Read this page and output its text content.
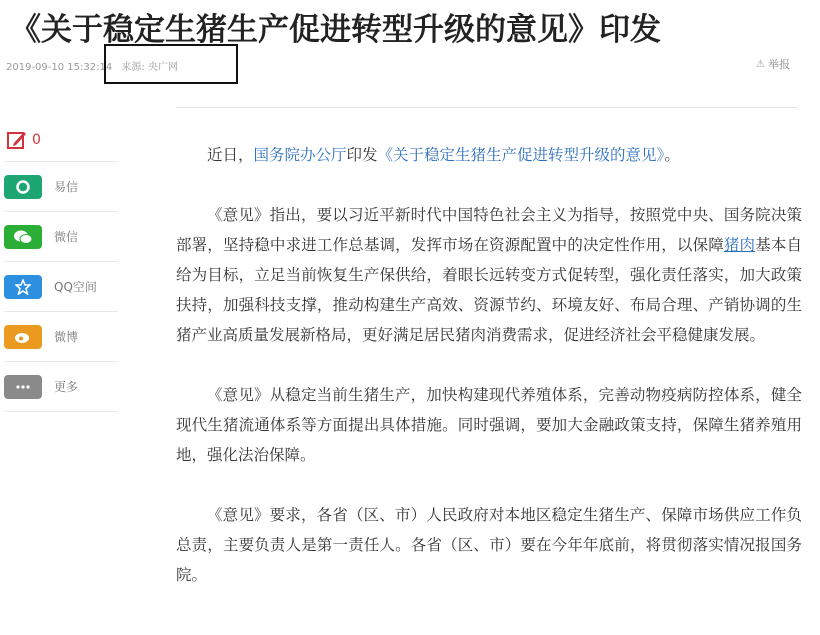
《关于稳定生猪生产促进转型升级的意见》印发
2019-09-10 15:32:14 来源: 央广网	⚠ 举报
0
易信
微信
QQ空间
微博
更多

近日，国务院办公厅印发《关于稳定生猪生产促进转型升级的意见》。

《意见》指出，要以习近平新时代中国特色社会主义为指导，按照党中央、国务院决策部署，坚持稳中求进工作总基调，发挥市场在资源配置中的决定性作用，以保障猪肉基本自给为目标，立足当前恢复生产保供给，着眼长远转变方式促转型，强化责任落实，加大政策扶持，加强科技支撑，推动构建生产高效、资源节约、环境友好、布局合理、产销协调的生猪产业高质量发展新格局，更好满足居民猪肉消费需求，促进经济社会平稳健康发展。

《意见》从稳定当前生猪生产，加快构建现代养殖体系，完善动物疫病防控体系，健全现代生猪流通体系等方面提出具体措施。同时强调，要加大金融政策支持，保障生猪养殖用地，强化法治保障。

《意见》要求，各省（区、市）人民政府对本地区稳定生猪生产、保障市场供应工作负总责，主要负责人是第一责任人。各省（区、市）要在今年年底前，将贯彻落实情况报国务院。
